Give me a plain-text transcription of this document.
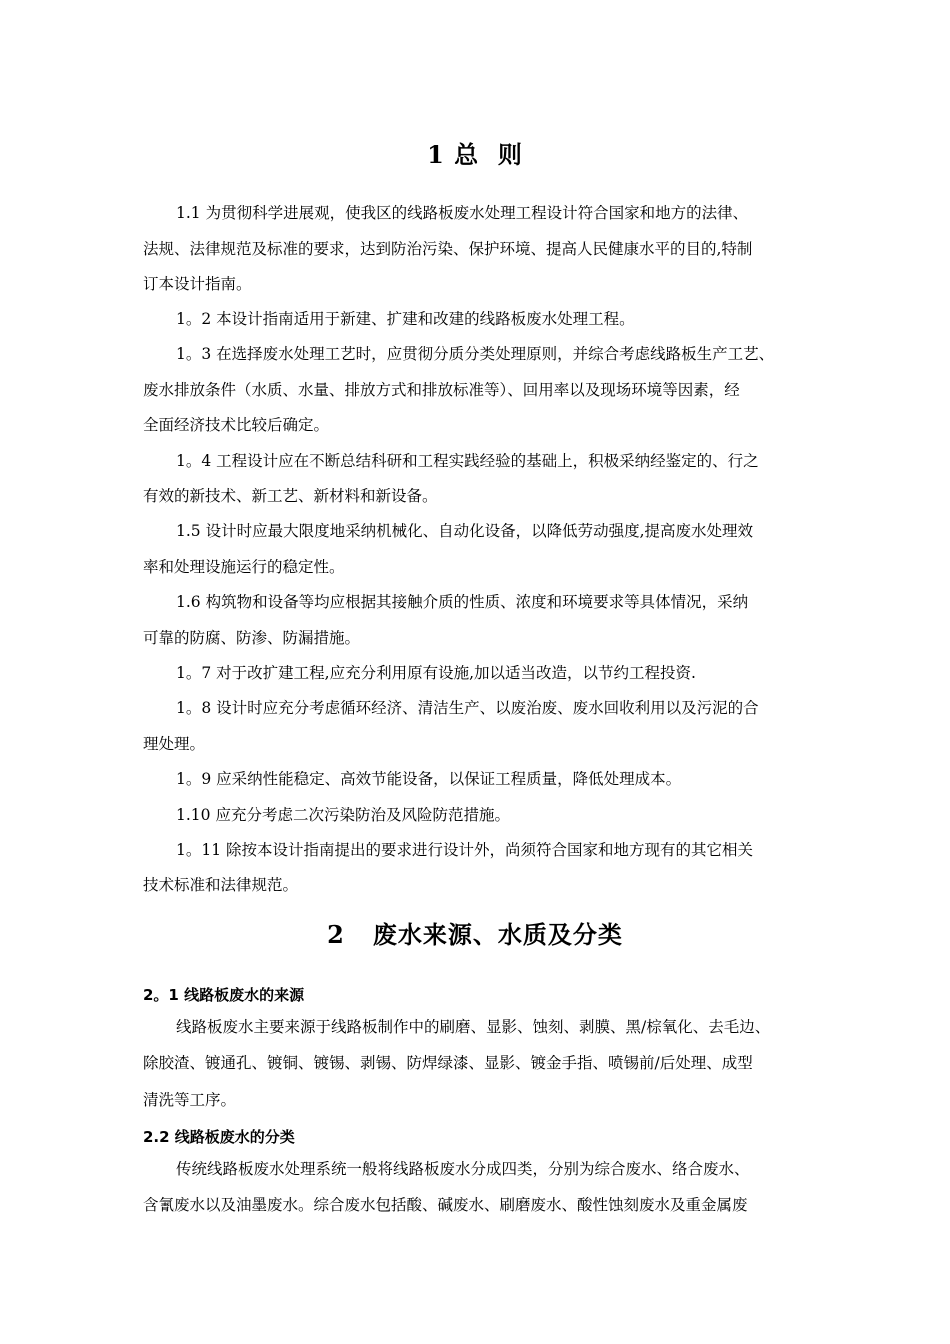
1 总  则
1.1 为贯彻科学进展观，使我区的线路板废水处理工程设计符合国家和地方的法律、
法规、法律规范及标准的要求，达到防治污染、保护环境、提高人民健康水平的目的,特制
订本设计指南。
1。2 本设计指南适用于新建、扩建和改建的线路板废水处理工程。
1。3 在选择废水处理工艺时，应贯彻分质分类处理原则，并综合考虑线路板生产工艺、
废水排放条件（水质、水量、排放方式和排放标准等）、回用率以及现场环境等因素，经
全面经济技术比较后确定。
1。4 工程设计应在不断总结科研和工程实践经验的基础上，积极采纳经鉴定的、行之
有效的新技术、新工艺、新材料和新设备。
1.5 设计时应最大限度地采纳机械化、自动化设备，以降低劳动强度,提高废水处理效
率和处理设施运行的稳定性。
1.6 构筑物和设备等均应根据其接触介质的性质、浓度和环境要求等具体情况，采纳
可靠的防腐、防渗、防漏措施。
1。7 对于改扩建工程,应充分利用原有设施,加以适当改造，以节约工程投资.
1。8 设计时应充分考虑循环经济、清洁生产、以废治废、废水回收利用以及污泥的合
理处理。
1。9 应采纳性能稳定、高效节能设备，以保证工程质量，降低处理成本。
1.10 应充分考虑二次污染防治及风险防范措施。
1。11 除按本设计指南提出的要求进行设计外，尚须符合国家和地方现有的其它相关
技术标准和法律规范。
2   废水来源、水质及分类
2。1 线路板废水的来源
线路板废水主要来源于线路板制作中的刷磨、显影、蚀刻、剥膜、黑/棕氧化、去毛边、
除胶渣、镀通孔、镀铜、镀锡、剥锡、防焊绿漆、显影、镀金手指、喷锡前/后处理、成型
清洗等工序。
2.2 线路板废水的分类
传统线路板废水处理系统一般将线路板废水分成四类，分别为综合废水、络合废水、
含氰废水以及油墨废水。综合废水包括酸、碱废水、刷磨废水、酸性蚀刻废水及重金属废
